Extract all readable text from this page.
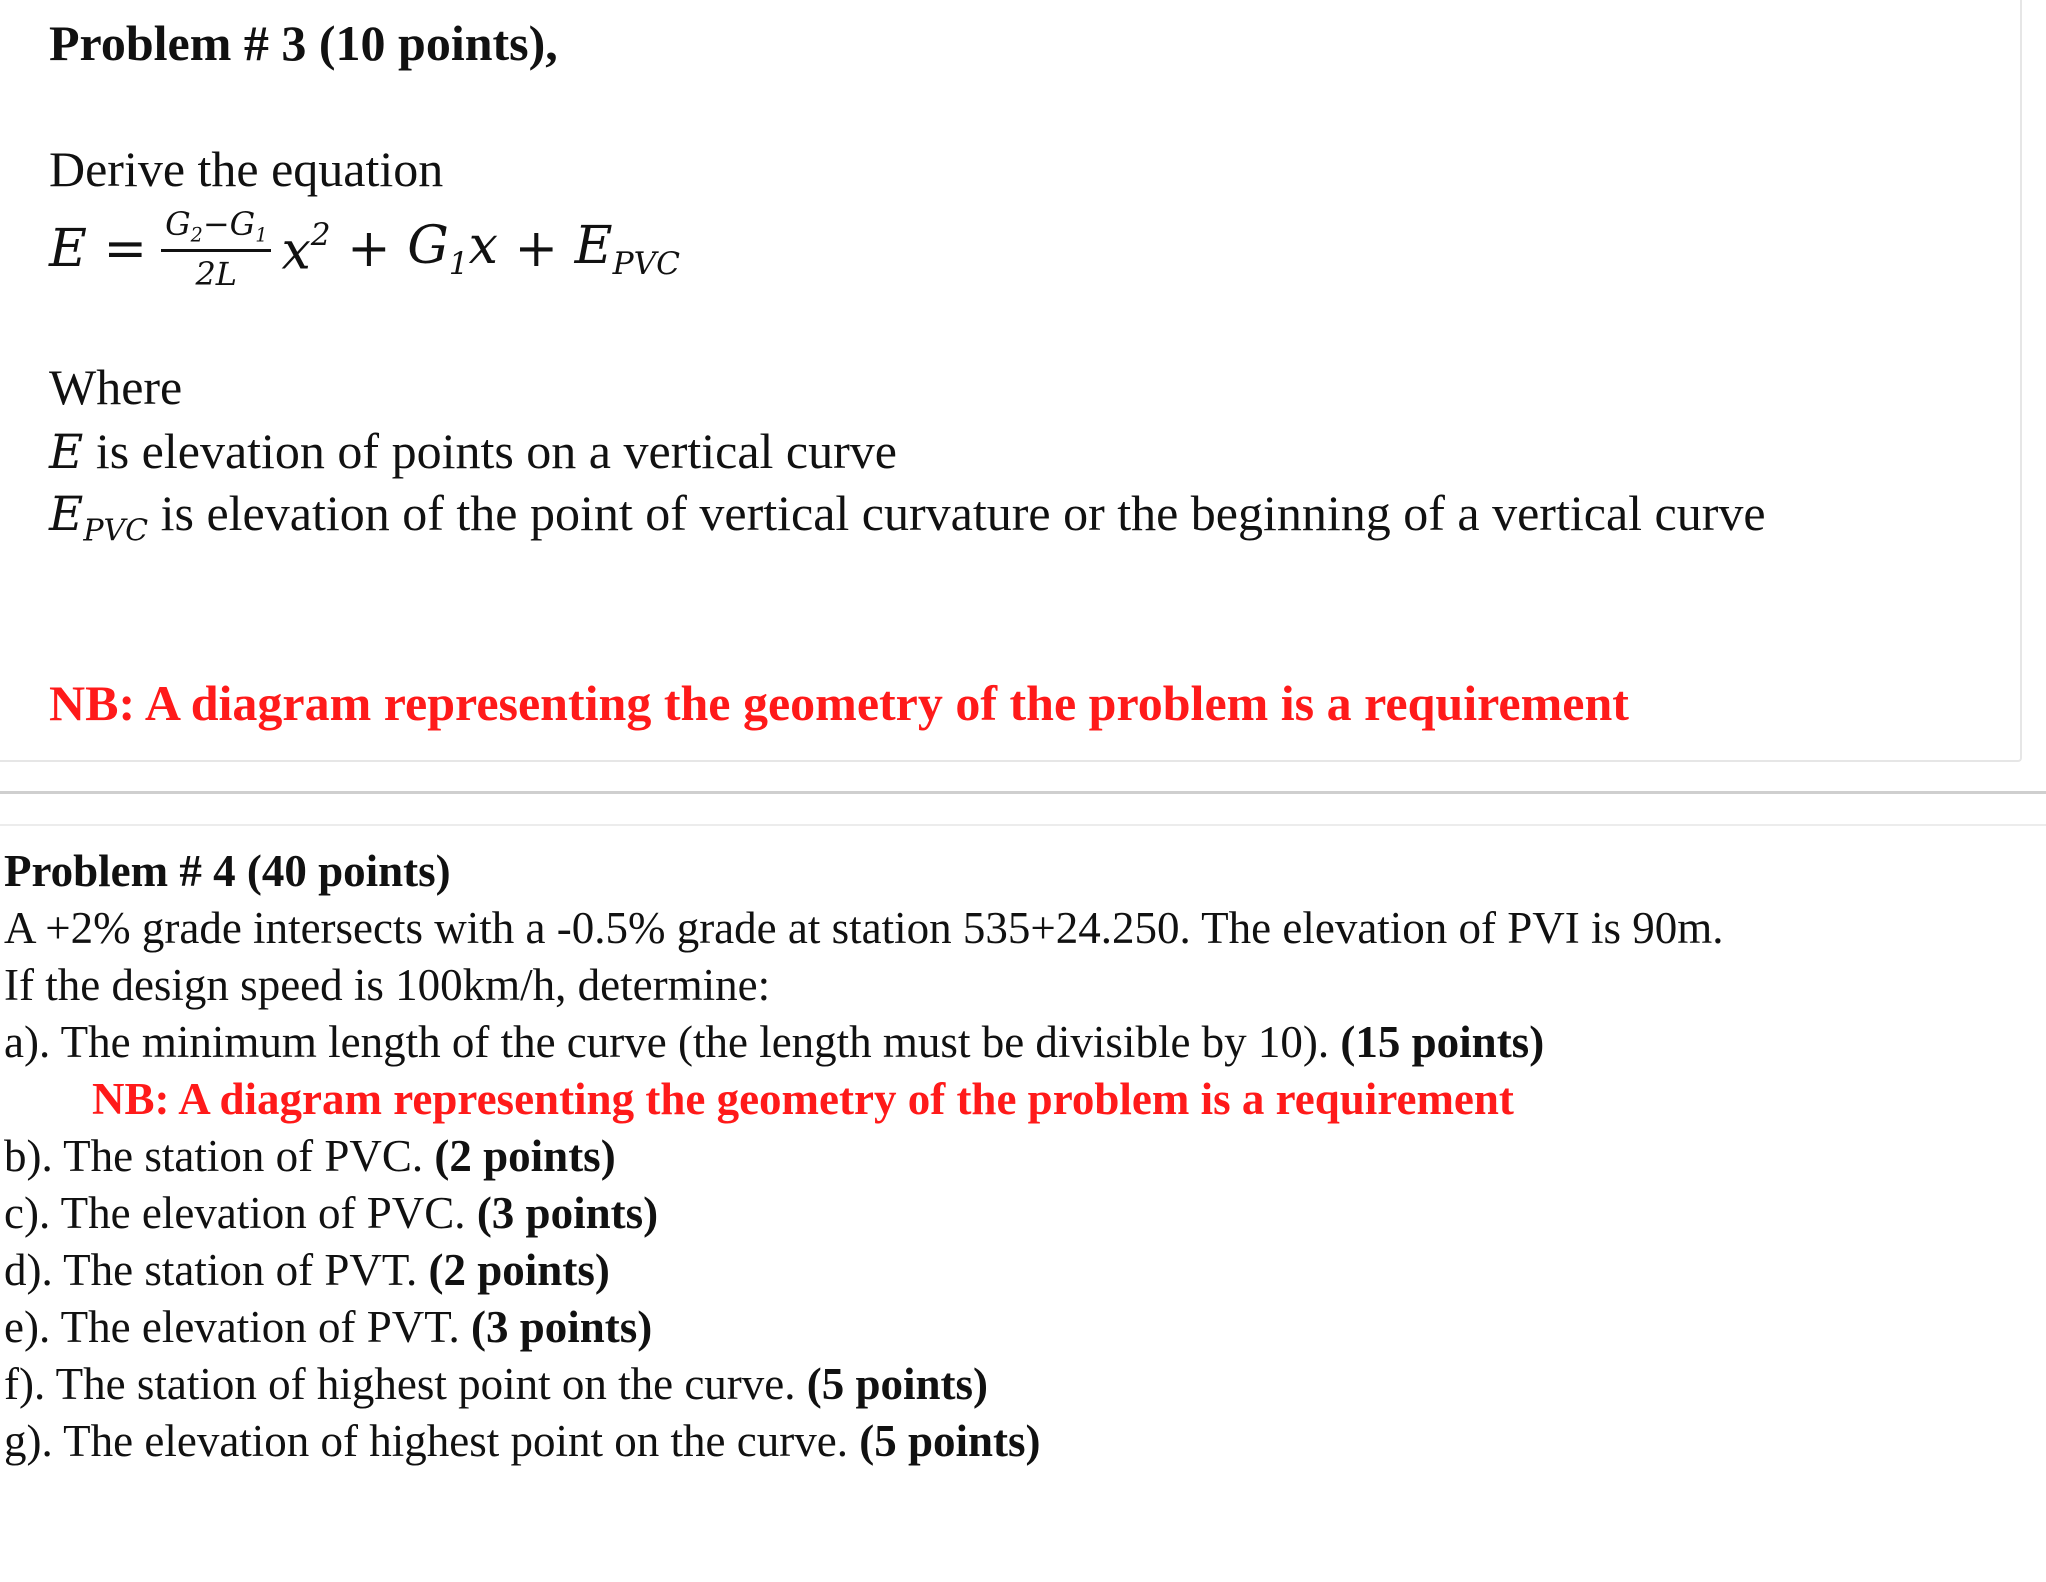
Problem # 3 (10 points),
Derive the equation
$E = \frac{G_2-G_1}{2L} x^2 + G_1x + E_{PVC}$
Where
E is elevation of points on a vertical curve
$E_{PVC}$ is elevation of the point of vertical curvature or the beginning of a vertical curve
NB: A diagram representing the geometry of the problem is a requirement
Problem # 4 (40 points)
A +2% grade intersects with a -0.5% grade at station 535+24.250. The elevation of PVI is 90m.
If the design speed is 100km/h, determine:
a). The minimum length of the curve (the length must be divisible by 10). (15 points)
NB: A diagram representing the geometry of the problem is a requirement
b). The station of PVC. (2 points)
c). The elevation of PVC. (3 points)
d). The station of PVT. (2 points)
e). The elevation of PVT. (3 points)
f). The station of highest point on the curve. (5 points)
g). The elevation of highest point on the curve. (5 points)
